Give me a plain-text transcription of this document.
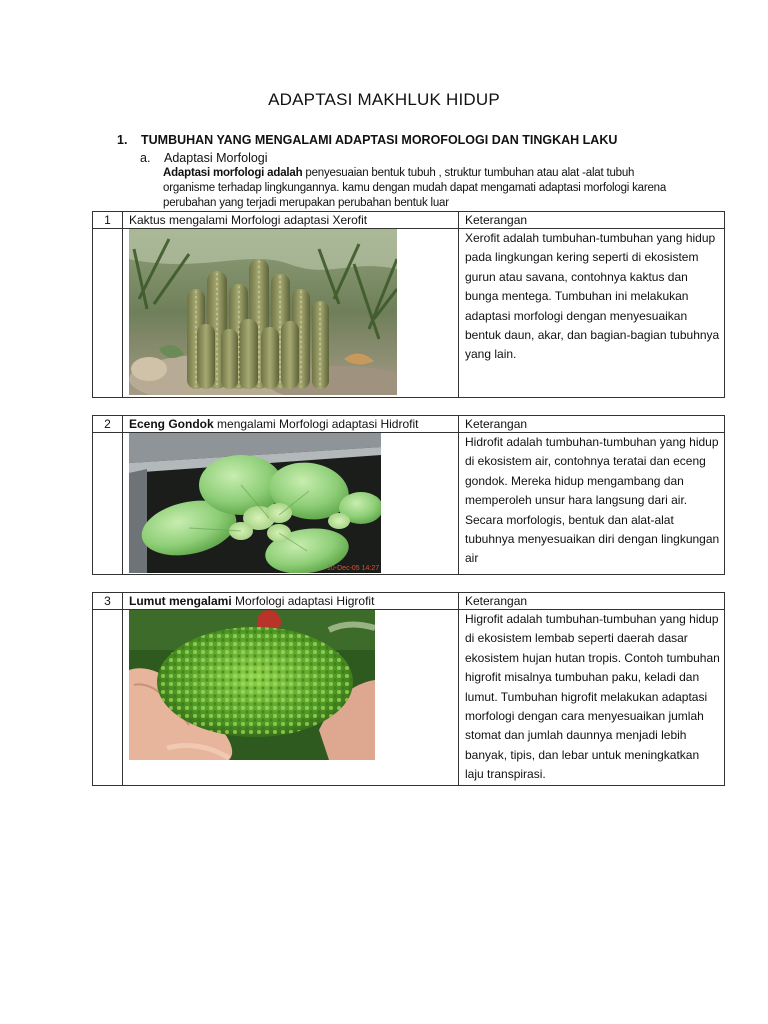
ADAPTASI MAKHLUK HIDUP
1. TUMBUHAN YANG MENGALAMI ADAPTASI MOROFOLOGI DAN TINGKAH LAKU
a. Adaptasi Morfologi
Adaptasi morfologi adalah penyesuaian bentuk tubuh , struktur tumbuhan atau alat -alat tubuh organisme terhadap lingkungannya. kamu dengan mudah dapat mengamati adaptasi morfologi karena perubahan yang terjadi merupakan perubahan bentuk luar
1	Kaktus mengalami Morfologi adaptasi Xerofit	Keterangan

	Xerofit adalah tumbuhan-tumbuhan yang hidup pada lingkungan kering seperti di ekosistem gurun atau savana, contohnya kaktus dan bunga mentega. Tumbuhan ini melakukan adaptasi morfologi dengan menyesuaikan bentuk daun, akar, dan bagian-bagian tubuhnya yang lain.
2	Eceng Gondok mengalami Morfologi adaptasi Hidrofit	Keterangan

10-Dec-05 14:27	Hidrofit adalah tumbuhan-tumbuhan yang hidup di ekosistem air, contohnya teratai dan eceng gondok. Mereka hidup mengambang dan memperoleh unsur hara langsung dari air. Secara morfologis, bentuk dan alat-alat tubuhnya menyesuaikan diri dengan lingkungan air
3	Lumut mengalami Morfologi adaptasi Higrofit	Keterangan

	Higrofit adalah tumbuhan-tumbuhan yang hidup di ekosistem lembab seperti daerah dasar ekosistem hujan hutan tropis. Contoh tumbuhan higrofit misalnya tumbuhan paku, keladi dan lumut. Tumbuhan higrofit melakukan adaptasi morfologi dengan cara menyesuaikan jumlah stomat dan jumlah daunnya menjadi lebih banyak, tipis, dan lebar untuk meningkatkan laju transpirasi.
